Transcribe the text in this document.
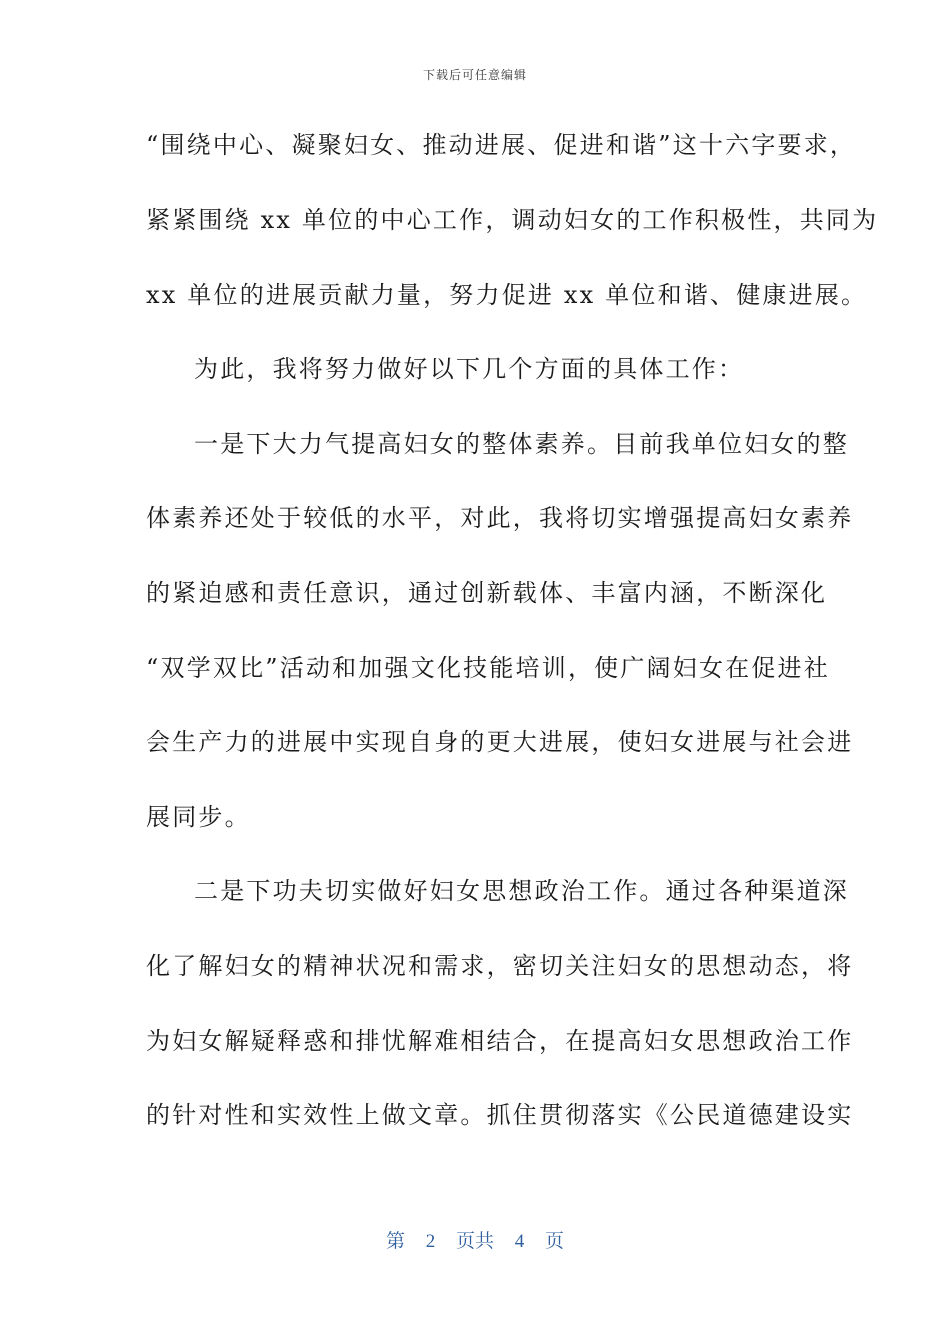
下载后可任意编辑
“围绕中心、凝聚妇女、推动进展、促进和谐”这十六字要求，
紧紧围绕 xx 单位的中心工作，调动妇女的工作积极性，共同为
xx 单位的进展贡献力量，努力促进 xx 单位和谐、健康进展。
为此，我将努力做好以下几个方面的具体工作：
一是下大力气提高妇女的整体素养。目前我单位妇女的整
体素养还处于较低的水平，对此，我将切实增强提高妇女素养
的紧迫感和责任意识，通过创新载体、丰富内涵，不断深化
“双学双比”活动和加强文化技能培训，使广阔妇女在促进社
会生产力的进展中实现自身的更大进展，使妇女进展与社会进
展同步。
二是下功夫切实做好妇女思想政治工作。通过各种渠道深
化了解妇女的精神状况和需求，密切关注妇女的思想动态，将
为妇女解疑释惑和排忧解难相结合，在提高妇女思想政治工作
的针对性和实效性上做文章。抓住贯彻落实《公民道德建设实
第 2 页共 4 页
